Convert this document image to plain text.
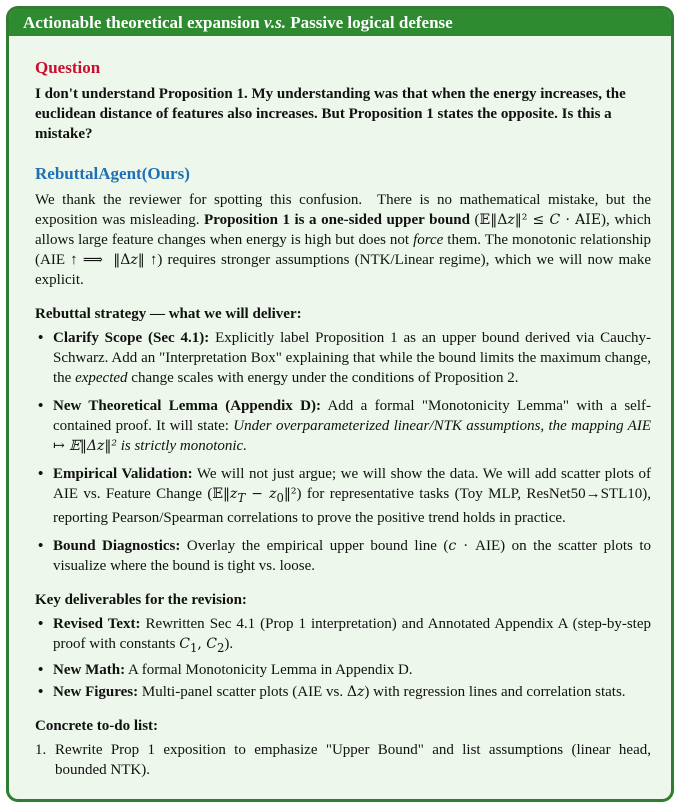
Actionable theoretical expansion v.s. Passive logical defense
Question
I don't understand Proposition 1. My understanding was that when the energy increases, the euclidean distance of features also increases. But Proposition 1 states the opposite. Is this a mistake?
RebuttalAgent(Ours)
We thank the reviewer for spotting this confusion.  There is no mathematical mistake, but the exposition was misleading. Proposition 1 is a one-sided upper bound (𝔼‖Δz‖² ≤ C · AIE), which allows large feature changes when energy is high but does not force them. The monotonic relationship (AIE ↑ ⟹ ‖Δz‖ ↑) requires stronger assumptions (NTK/Linear regime), which we will now make explicit.
Rebuttal strategy — what we will deliver:
• Clarify Scope (Sec 4.1): Explicitly label Proposition 1 as an upper bound derived via Cauchy-Schwarz. Add an "Interpretation Box" explaining that while the bound limits the maximum change, the expected change scales with energy under the conditions of Proposition 2.
• New Theoretical Lemma (Appendix D): Add a formal "Monotonicity Lemma" with a self-contained proof. It will state: Under overparameterized linear/NTK assumptions, the mapping AIE ↦ 𝔼‖Δz‖² is strictly monotonic.
• Empirical Validation: We will not just argue; we will show the data. We will add scatter plots of AIE vs. Feature Change ($𝔼‖z_T$ − $z_0‖^2$) for representative tasks (Toy MLP, ResNet50→STL10), reporting Pearson/Spearman correlations to prove the positive trend holds in practice.
• Bound Diagnostics: Overlay the empirical upper bound line (c · AIE) on the scatter plots to visualize where the bound is tight vs. loose.
Key deliverables for the revision:
• Revised Text: Rewritten Sec 4.1 (Prop 1 interpretation) and Annotated Appendix A (step-by-step proof with constants $C_1$, $C_2$).
• New Math: A formal Monotonicity Lemma in Appendix D.
• New Figures: Multi-panel scatter plots (AIE vs. Δz) with regression lines and correlation stats.
Concrete to-do list:
1. Rewrite Prop 1 exposition to emphasize "Upper Bound" and list assumptions (linear head, bounded NTK).
